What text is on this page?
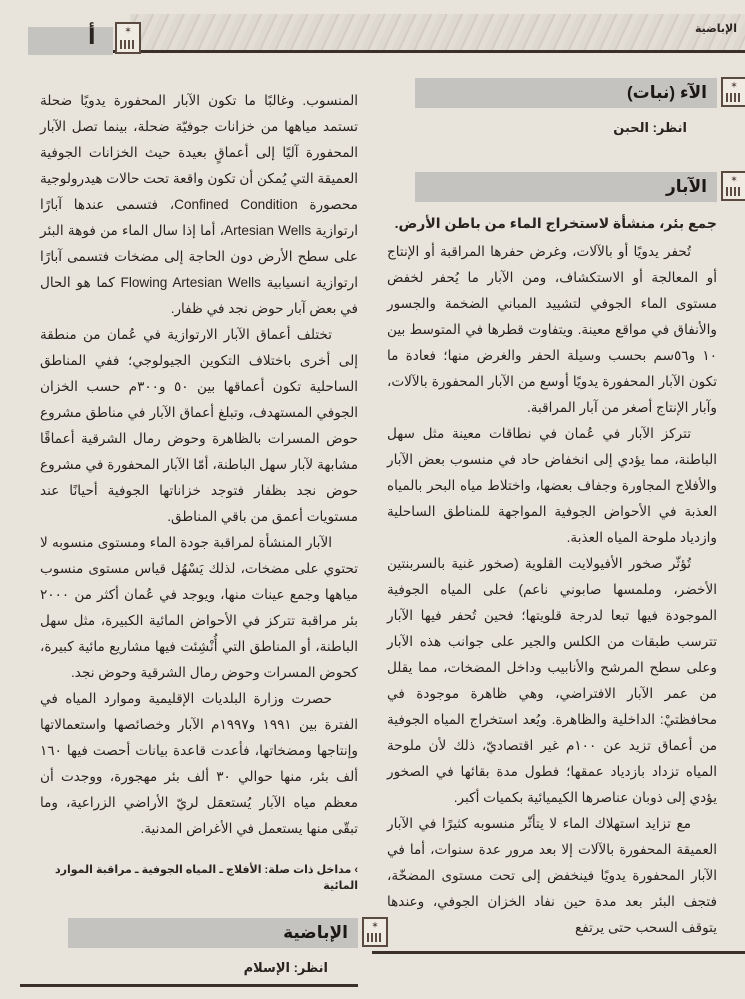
الإباضية
أ
✶
الآء (نبات)
✶
انظر: الحبن
الآبار
✶
جمع بئر، منشأة لاستخراج الماء من باطن الأرض.

تُحفر يدويًا أو بالآلات، وغرض حفرها المراقبة أو الإنتاج أو المعالجة أو الاستكشاف، ومن الآبار ما يُحفر لخفض مستوى الماء الجوفي لتشييد المباني الضخمة والجسور والأنفاق في مواقع معينة. ويتفاوت قطرها في المتوسط بين ١٠ و٥٦سم بحسب وسيلة الحفر والغرض منها؛ فعادة ما تكون الآبار المحفورة يدويًا أوسع من الآبار المحفورة بالآلات، وآبار الإنتاج أصغر من آبار المراقبة.

تتركز الآبار في عُمان في نطاقات معينة مثل سهل الباطنة، مما يؤدي إلى انخفاض حاد في منسوب بعض الآبار والأفلاج المجاورة وجفاف بعضها، واختلاط مياه البحر بالمياه العذبة في الأحواض الجوفية المواجهة للمناطق الساحلية وازدياد ملوحة المياه العذبة.

تُؤثّر صخور الأفيولايت القلوية (صخور غنية بالسربنتين الأخضر، وملمسها صابوني ناعم) على المياه الجوفية الموجودة فيها تبعا لدرجة قلويتها؛ فحين تُحفر فيها الآبار تترسب طبقات من الكلس والجير على جوانب هذه الآبار وعلى سطح المرشح والأنابيب وداخل المضخات، مما يقلل من عمر الآبار الافتراضي، وهي ظاهرة موجودة في محافظتيْ: الداخلية والظاهرة. ويُعد استخراج المياه الجوفية من أعماق تزيد عن ١٠٠م غير اقتصاديّ، ذلك لأن ملوحة المياه تزداد بازدياد عمقها؛ فطول مدة بقائها في الصخور يؤدي إلى ذوبان عناصرها الكيميائية بكميات أكبر.

مع تزايد استهلاك الماء لا يتأثّر منسوبه كثيرًا في الآبار العميقة المحفورة بالآلات إلا بعد مرور عدة سنوات، أما في الآبار المحفورة يدويًا فينخفض إلى تحت مستوى المضخّة، فتجف البئر بعد مدة حين نفاد الخزان الجوفي، وعندها يتوقف السحب حتى يرتفع

المنسوب. وغالبًا ما تكون الآبار المحفورة يدويًا ضحلة تستمد مياهها من خزانات جوفيّة ضحلة، بينما تصل الآبار المحفورة آليًا إلى أعماقٍ بعيدة حيث الخزانات الجوفية العميقة التي يُمكن أن تكون واقعة تحت حالات هيدرولوجية محصورة Confined Condition، فتسمى عندها آبارًا ارتوازية Artesian Wells، أما إذا سال الماء من فوهة البئر على سطح الأرض دون الحاجة إلى مضخات فتسمى آبارًا ارتوازية انسيابية Flowing Artesian Wells كما هو الحال في بعض آبار حوض نجد في ظفار.

تختلف أعماق الآبار الارتوازية في عُمان من منطقة إلى أخرى باختلاف التكوين الجيولوجي؛ ففي المناطق الساحلية تكون أعماقها بين ٥٠ و٣٠٠م حسب الخزان الجوفي المستهدف، وتبلغ أعماق الآبار في مناطق مشروع حوض المسرات بالظاهرة وحوض رمال الشرقية أعماقًا مشابهة لآبار سهل الباطنة، أمّا الآبار المحفورة في مشروع حوض نجد بظفار فتوجد خزاناتها الجوفية أحيانًا عند مستويات أعمق من باقي المناطق.

الآبار المنشأة لمراقبة جودة الماء ومستوى منسوبه لا تحتوي على مضخات، لذلك يَسْهُل قياس مستوى منسوب مياهها وجمع عينات منها، ويوجد في عُمان أكثر من ٢٠٠٠ بئر مراقبة تتركز في الأحواض المائية الكبيرة، مثل سهل الباطنة، أو المناطق التي أُنْشِئت فيها مشاريع مائية كبيرة، كحوض المسرات وحوض رمال الشرقية وحوض نجد.

حصرت وزارة البلديات الإقليمية وموارد المياه في الفترة بين ١٩٩١ و١٩٩٧م الآبار وخصائصها واستعمالاتها وإنتاجها ومضخاتها، فأعدت قاعدة بيانات أحصت فيها ١٦٠ ألف بئر، منها حوالي ٣٠ ألف بئر مهجورة، ووجدت أن معظم مياه الآبار يُستعمَل لريّ الأراضي الزراعية، وما تبقّى منها يستعمل في الأغراض المدنية.

› مداخل ذات صلة: الأفلاج ـ المياه الجوفية ـ مراقبة الموارد المائية
الإباضية
✶
انظر: الإسلام
